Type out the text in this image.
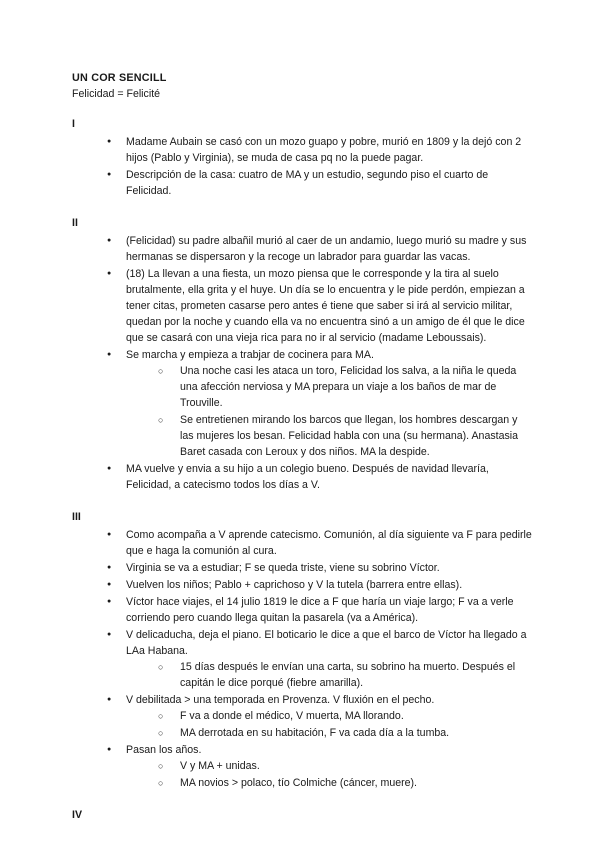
UN COR SENCILL
Felicidad = Felicité
I
● Madame Aubain se casó con un mozo guapo y pobre, murió en 1809 y la dejó con 2 hijos (Pablo y Virginia), se muda de casa pq no la puede pagar.
● Descripción de la casa: cuatro de MA y un estudio, segundo piso el cuarto de Felicidad.
II
● (Felicidad) su padre albañil murió al caer de un andamio, luego murió su madre y sus hermanas se dispersaron y la recoge un labrador para guardar las vacas.
● (18) La llevan a una fiesta, un mozo piensa que le corresponde y la tira al suelo brutalmente, ella grita y el huye. Un día se lo encuentra y le pide perdón, empiezan a tener citas, prometen casarse pero antes é tiene que saber si irá al servicio militar, quedan por la noche y cuando ella va no encuentra sinó a un amigo de él que le dice que se casará con una vieja rica para no ir al servicio (madame Leboussais).
● Se marcha y empieza a trabjar de cocinera para MA.
○ Una noche casi les ataca un toro, Felicidad los salva, a la niña le queda una afección nerviosa y MA prepara un viaje a los baños de mar de Trouville.
○ Se entretienen mirando los barcos que llegan, los hombres descargan y las mujeres los besan. Felicidad habla con una (su hermana). Anastasia Baret casada con Leroux y dos niños. MA la despide.
● MA vuelve y envia a su hijo a un colegio bueno. Después de navidad llevaría, Felicidad, a catecismo todos los días a V.
III
● Como acompaña a V aprende catecismo. Comunión, al día siguiente va F para pedirle que e haga la comunión al cura.
● Virginia se va a estudiar; F se queda triste, viene su sobrino Víctor.
● Vuelven los niños; Pablo + caprichoso y V la tutela (barrera entre ellas).
● Víctor hace viajes, el 14 julio 1819 le dice a F que haría un viaje largo; F va a verle corriendo pero cuando llega quitan la pasarela (va a América).
● V delicaducha, deja el piano. El boticario le dice a que el barco de Víctor ha llegado a LAa Habana.
○ 15 días después le envían una carta, su sobrino ha muerto. Después el capitán le dice porqué (fiebre amarilla).
● V debilitada > una temporada en Provenza. V fluxión en el pecho.
○ F va a donde el médico, V muerta, MA llorando.
○ MA derrotada en su habitación, F va cada día a la tumba.
● Pasan los años.
○ V y MA + unidas.
○ MA novios > polaco, tío Colmiche (cáncer, muere).
IV
